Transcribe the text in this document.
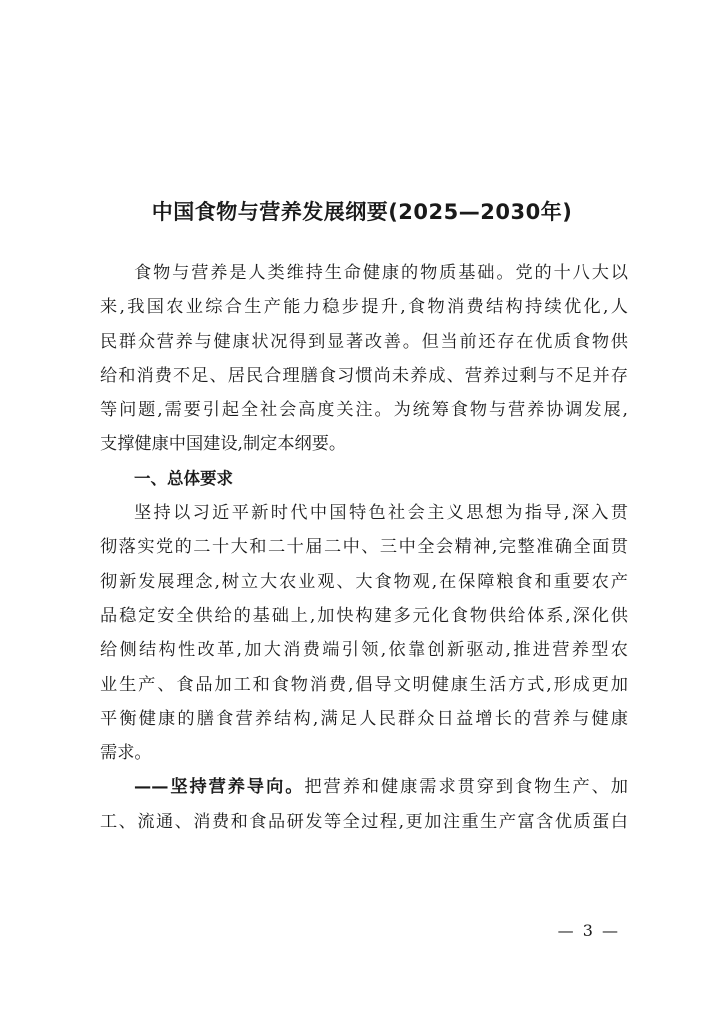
中国食物与营养发展纲要(2025—2030年)
食物与营养是人类维持生命健康的物质基础。党的十八大以
来,我国农业综合生产能力稳步提升,食物消费结构持续优化,人
民群众营养与健康状况得到显著改善。但当前还存在优质食物供
给和消费不足、居民合理膳食习惯尚未养成、营养过剩与不足并存
等问题,需要引起全社会高度关注。为统筹食物与营养协调发展,
支撑健康中国建设,制定本纲要。
一、总体要求
坚持以习近平新时代中国特色社会主义思想为指导,深入贯
彻落实党的二十大和二十届二中、三中全会精神,完整准确全面贯
彻新发展理念,树立大农业观、大食物观,在保障粮食和重要农产
品稳定安全供给的基础上,加快构建多元化食物供给体系,深化供
给侧结构性改革,加大消费端引领,依靠创新驱动,推进营养型农
业生产、食品加工和食物消费,倡导文明健康生活方式,形成更加
平衡健康的膳食营养结构,满足人民群众日益增长的营养与健康
需求。
——坚持营养导向。把营养和健康需求贯穿到食物生产、加
工、流通、消费和食品研发等全过程,更加注重生产富含优质蛋白
— 3 —
